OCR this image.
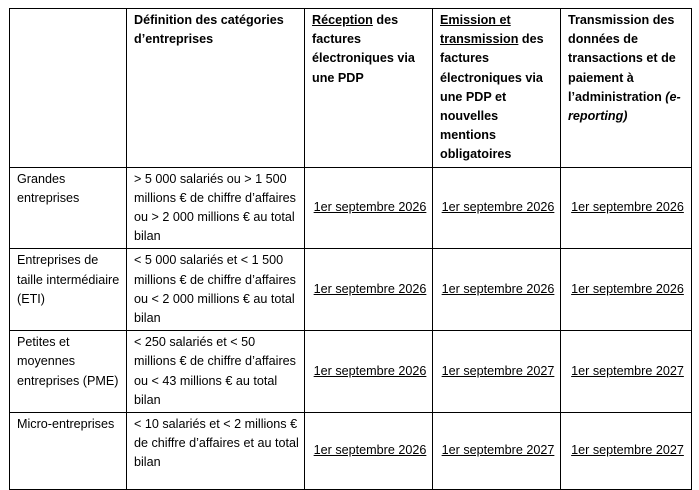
	Définition des catégories d’entreprises	Réception des factures électroniques via une PDP	Emission et transmission des factures électroniques via une PDP et nouvelles mentions obligatoires	Transmission des données de transactions et de paiement à l’administration (e-reporting)
Grandes entreprises	> 5 000 salariés ou > 1 500 millions € de chiffre d’affaires ou > 2 000 millions € au total bilan	1er septembre 2026	1er septembre 2026	1er septembre 2026
Entreprises de taille intermédiaire (ETI)	< 5 000 salariés et < 1 500 millions € de chiffre d’affaires ou < 2 000 millions € au total bilan	1er septembre 2026	1er septembre 2026	1er septembre 2026
Petites et moyennes entreprises (PME)	< 250 salariés et < 50 millions € de chiffre d’affaires ou < 43 millions € au total bilan	1er septembre 2026	1er septembre 2027	1er septembre 2027
Micro-entreprises	< 10 salariés et < 2 millions € de chiffre d’affaires et au total bilan	1er septembre 2026	1er septembre 2027	1er septembre 2027
